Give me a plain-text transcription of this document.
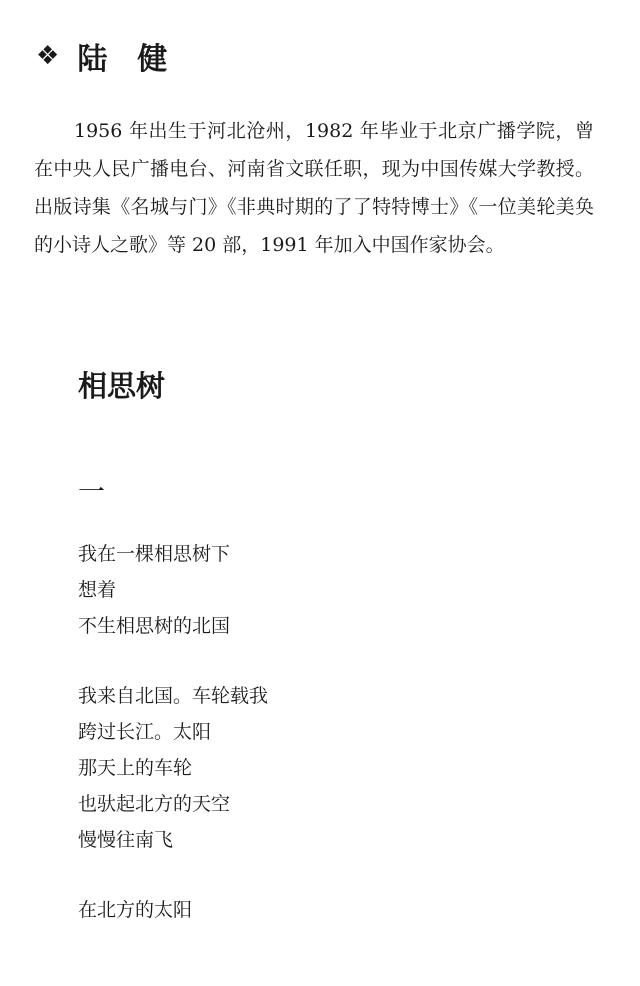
❖ 陆健

1956 年出生于河北沧州，1982 年毕业于北京广播学院，曾在中央人民广播电台、河南省文联任职，现为中国传媒大学教授。出版诗集《名城与门》《非典时期的了了特特博士》《一位美轮美奂的小诗人之歌》等 20 部，1991 年加入中国作家协会。

相思树
一
我在一棵相思树下
想着
不生相思树的北国
我来自北国。车轮载我
跨过长江。太阳
那天上的车轮
也驮起北方的天空
慢慢往南飞
在北方的太阳
